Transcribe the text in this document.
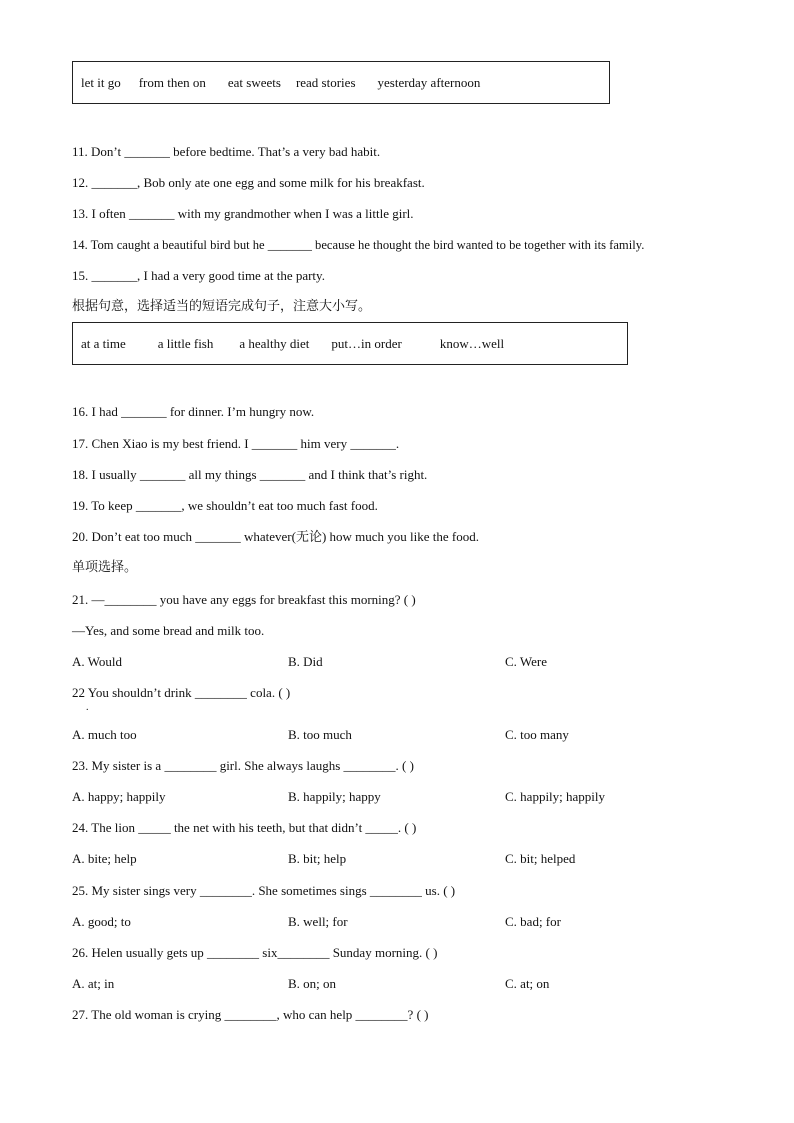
let it go from then on eat sweets read stories yesterday afternoon
11. Don’t _______ before bedtime. That’s a very bad habit.
12. _______, Bob only ate one egg and some milk for his breakfast.
13. I often _______ with my grandmother when I was a little girl.
14. Tom caught a beautiful bird but he _______ because he thought the bird wanted to be together with its family.
15. _______, I had a very good time at the party.
根据句意，选择适当的短语完成句子，注意大小写。
at a time a little fish a healthy diet put…in order	know…well
16. I had _______ for dinner. I’m hungry now.
17. Chen Xiao is my best friend. I _______ him very _______.
18. I usually _______ all my things _______ and I think that’s right.
19. To keep _______, we shouldn’t eat too much fast food.
20. Don’t eat too much _______ whatever(无论) how much you like the food.
单项选择。
21. —________ you have any eggs for breakfast this morning? ( )
—Yes, and some bread and milk too.
A. Would	B. Did	C. Were
22 You shouldn’t drink ________ cola. ( )
.
A. much too	B. too much	C. too many
23. My sister is a ________ girl. She always laughs ________. ( )
A. happy; happily	B. happily; happy	C. happily; happily
24. The lion _____ the net with his teeth, but that didn’t _____. ( )
A. bite; help	B. bit; help	C. bit; helped
25. My sister sings very ________. She sometimes sings ________ us. ( )
A. good; to	B. well; for	C. bad; for
26. Helen usually gets up ________ six________ Sunday morning. ( )
A. at; in	B. on; on	C. at; on
27. The old woman is crying ________, who can help ________? ( )
